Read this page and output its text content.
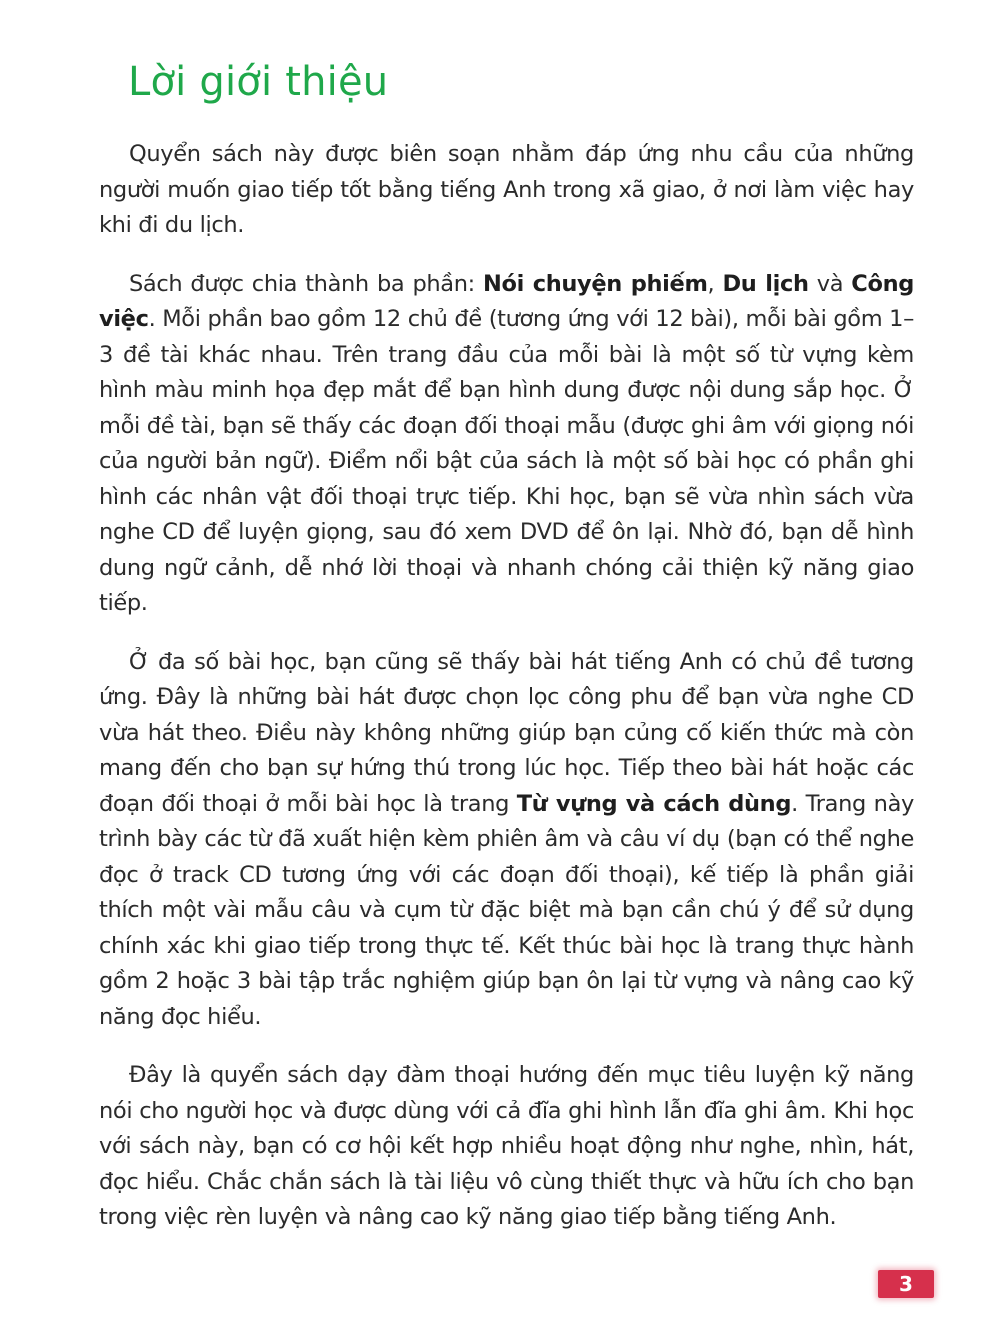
Lời giới thiệu

Quyển sách này được biên soạn nhằm đáp ứng nhu cầu của những người muốn giao tiếp tốt bằng tiếng Anh trong xã giao, ở nơi làm việc hay khi đi du lịch.

Sách được chia thành ba phần: Nói chuyện phiếm, Du lịch và Công việc. Mỗi phần bao gồm 12 chủ đề (tương ứng với 12 bài), mỗi bài gồm 1–3 đề tài khác nhau. Trên trang đầu của mỗi bài là một số từ vựng kèm hình màu minh họa đẹp mắt để bạn hình dung được nội dung sắp học. Ở mỗi đề tài, bạn sẽ thấy các đoạn đối thoại mẫu (được ghi âm với giọng nói của người bản ngữ). Điểm nổi bật của sách là một số bài học có phần ghi hình các nhân vật đối thoại trực tiếp. Khi học, bạn sẽ vừa nhìn sách vừa nghe CD để luyện giọng, sau đó xem DVD để ôn lại. Nhờ đó, bạn dễ hình dung ngữ cảnh, dễ nhớ lời thoại và nhanh chóng cải thiện kỹ năng giao tiếp.

Ở đa số bài học, bạn cũng sẽ thấy bài hát tiếng Anh có chủ đề tương ứng. Đây là những bài hát được chọn lọc công phu để bạn vừa nghe CD vừa hát theo. Điều này không những giúp bạn củng cố kiến thức mà còn mang đến cho bạn sự hứng thú trong lúc học. Tiếp theo bài hát hoặc các đoạn đối thoại ở mỗi bài học là trang Từ vựng và cách dùng. Trang này trình bày các từ đã xuất hiện kèm phiên âm và câu ví dụ (bạn có thể nghe đọc ở track CD tương ứng với các đoạn đối thoại), kế tiếp là phần giải thích một vài mẫu câu và cụm từ đặc biệt mà bạn cần chú ý để sử dụng chính xác khi giao tiếp trong thực tế. Kết thúc bài học là trang thực hành gồm 2 hoặc 3 bài tập trắc nghiệm giúp bạn ôn lại từ vựng và nâng cao kỹ năng đọc hiểu.

Đây là quyển sách dạy đàm thoại hướng đến mục tiêu luyện kỹ năng nói cho người học và được dùng với cả đĩa ghi hình lẫn đĩa ghi âm. Khi học với sách này, bạn có cơ hội kết hợp nhiều hoạt động như nghe, nhìn, hát, đọc hiểu. Chắc chắn sách là tài liệu vô cùng thiết thực và hữu ích cho bạn trong việc rèn luyện và nâng cao kỹ năng giao tiếp bằng tiếng Anh.

3
